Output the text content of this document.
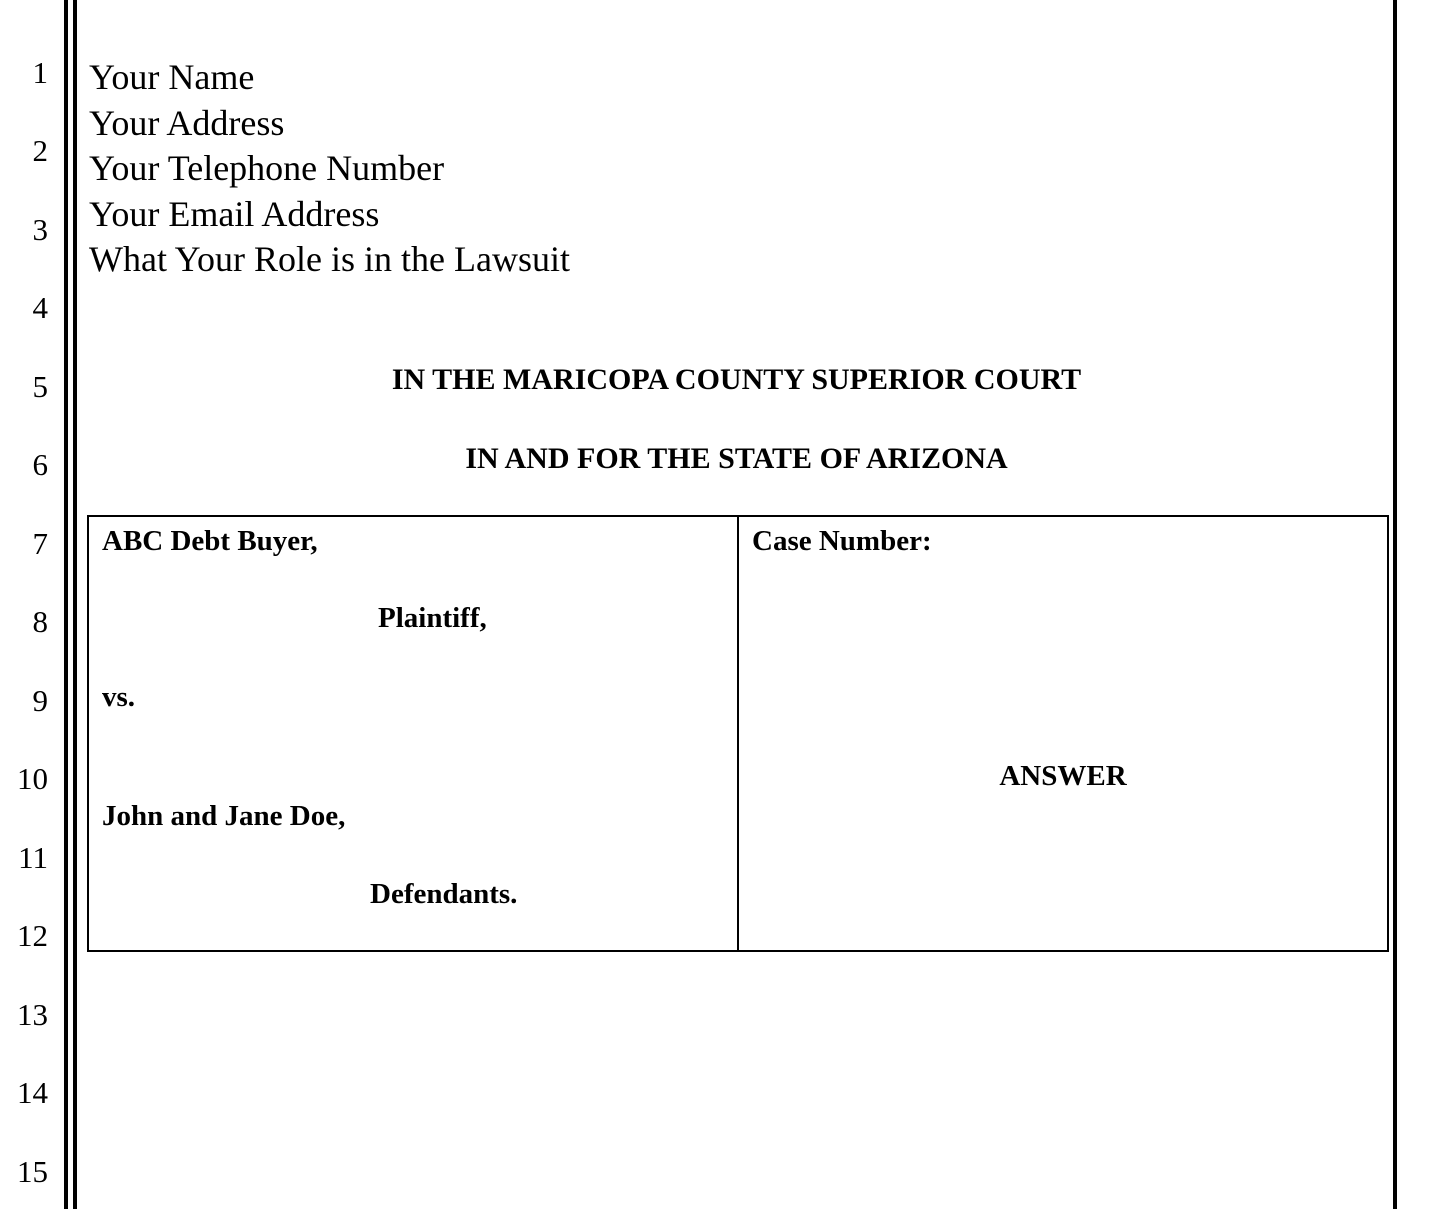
1
2
3
4
5
6
7
8
9
10
11
12
13
14
15
Your Name
Your Address
Your Telephone Number
Your Email Address
What Your Role is in the Lawsuit
IN THE MARICOPA COUNTY SUPERIOR COURT
IN AND FOR THE STATE OF ARIZONA
ABC Debt Buyer,
Plaintiff,
vs.
John and Jane Doe,
Defendants.
Case Number:
ANSWER
